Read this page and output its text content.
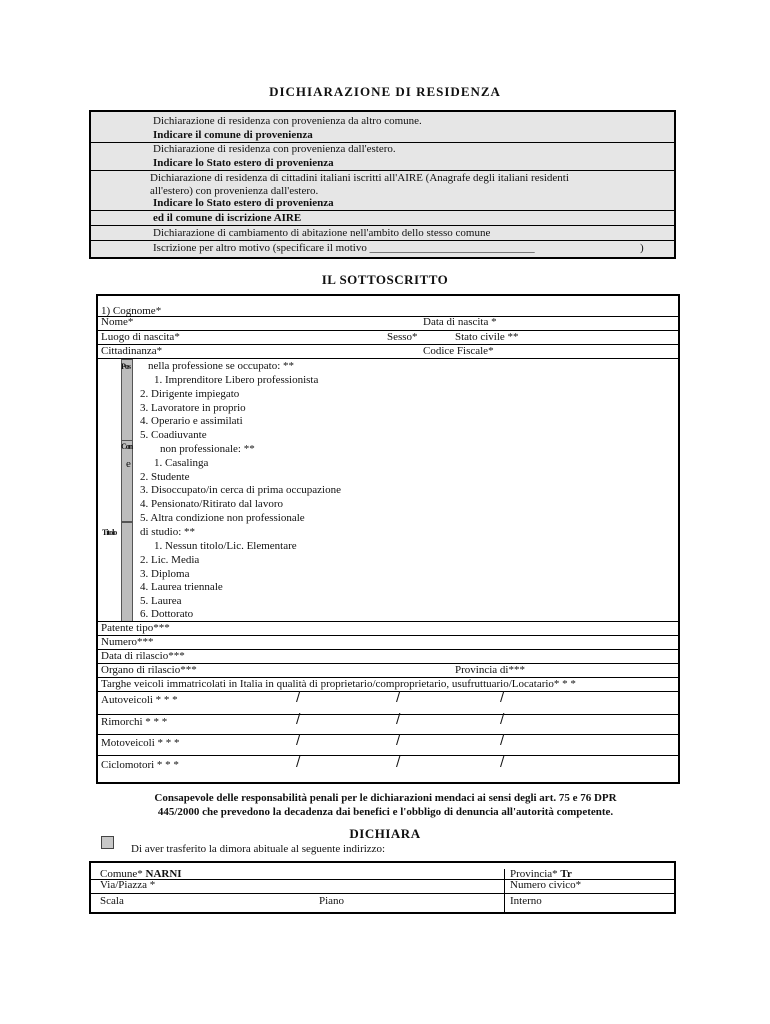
DICHIARAZIONE DI RESIDENZA
Dichiarazione di residenza con provenienza da altro comune.
Indicare il comune di provenienza
Dichiarazione di residenza con provenienza dall'estero.
Indicare lo Stato estero di provenienza
Dichiarazione di residenza di cittadini italiani iscritti all'AIRE (Anagrafe degli italiani residenti
all'estero) con provenienza dall'estero.
Indicare lo Stato estero di provenienza
ed il comune di iscrizione AIRE
Dichiarazione di cambiamento di abitazione nell'ambito dello stesso comune
Iscrizione per altro motivo (specificare il motivo ______________________________	)
IL SOTTOSCRITTO
1) Cognome*
Nome*	Data di nascita *
Luogo di nascita*	Sesso*	Stato civile **
Cittadinanza*	Codice Fiscale*
Pos
Con
e
Titolo
nella professione se occupato: **
1. Imprenditore Libero professionista
2. Dirigente impiegato
3. Lavoratore in proprio
4. Operario e assimilati
5. Coadiuvante
non professionale: **
1. Casalinga
2. Studente
3. Disoccupato/in cerca di prima occupazione
4. Pensionato/Ritirato dal lavoro
5. Altra condizione non professionale
di studio: **
1. Nessun titolo/Lic. Elementare
2. Lic. Media
3. Diploma
4. Laurea triennale
5. Laurea
6. Dottorato
Patente tipo***
Numero***
Data di rilascio***
Organo di rilascio***	Provincia di***
Targhe veicoli immatricolati in Italia in qualità di proprietario/comproprietario, usufruttuario/Locatario* * *
Autoveicoli * * *	/	/	/
Rimorchi * * *	/	/	/
Motoveicoli * * *	/	/	/
Ciclomotori * * *	/	/	/
Consapevole delle responsabilità penali per le dichiarazioni mendaci ai sensi degli art. 75 e 76 DPR
445/2000 che prevedono la decadenza dai benefici e l'obbligo di denuncia all'autorità competente.
DICHIARA
Di aver trasferito la dimora abituale al seguente indirizzo:
Comune* NARNI	Provincia* Tr
Via/Piazza *	Numero civico*
Scala	Piano	Interno
